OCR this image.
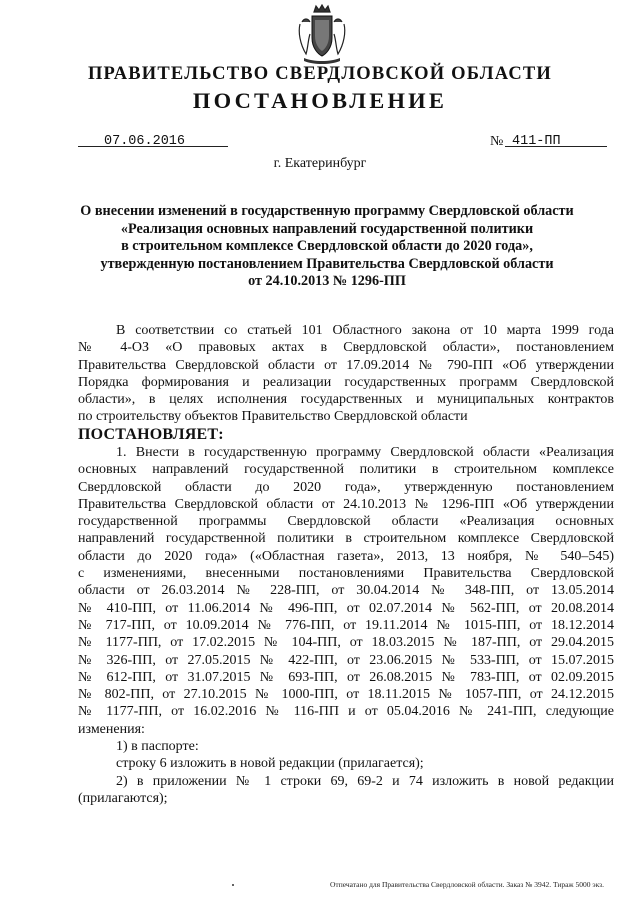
ПРАВИТЕЛЬСТВО СВЕРДЛОВСКОЙ ОБЛАСТИ
ПОСТАНОВЛЕНИЕ
07.06.2016	№ 411-ПП
г. Екатеринбург
О внесении изменений в государственную программу Свердловской области
«Реализация основных направлений государственной политики
в строительном комплексе Свердловской области до 2020 года»,
утвержденную постановлением Правительства Свердловской области
от 24.10.2013 № 1296-ПП
В соответствии со статьей 101 Областного закона от 10 марта 1999 года
№ 4-ОЗ «О правовых актах в Свердловской области», постановлением
Правительства Свердловской области от 17.09.2014 № 790-ПП «Об утверждении
Порядка формирования и реализации государственных программ Свердловской
области», в целях исполнения государственных и муниципальных контрактов
по строительству объектов Правительство Свердловской области
ПОСТАНОВЛЯЕТ:
1. Внести в государственную программу Свердловской области «Реализация
основных направлений государственной политики в строительном комплексе
Свердловской области до 2020 года», утвержденную постановлением
Правительства Свердловской области от 24.10.2013 № 1296-ПП «Об утверждении
государственной программы Свердловской области «Реализация основных
направлений государственной политики в строительном комплексе Свердловской
области до 2020 года» («Областная газета», 2013, 13 ноября, № 540–545)
с изменениями, внесенными постановлениями Правительства Свердловской
области от 26.03.2014 № 228-ПП, от 30.04.2014 № 348-ПП, от 13.05.2014
№ 410-ПП, от 11.06.2014 № 496-ПП, от 02.07.2014 № 562-ПП, от 20.08.2014
№ 717-ПП, от 10.09.2014 № 776-ПП, от 19.11.2014 № 1015-ПП, от 18.12.2014
№ 1177-ПП, от 17.02.2015 № 104-ПП, от 18.03.2015 № 187-ПП, от 29.04.2015
№ 326-ПП, от 27.05.2015 № 422-ПП, от 23.06.2015 № 533-ПП, от 15.07.2015
№ 612-ПП, от 31.07.2015 № 693-ПП, от 26.08.2015 № 783-ПП, от 02.09.2015
№ 802-ПП, от 27.10.2015 № 1000-ПП, от 18.11.2015 № 1057-ПП, от 24.12.2015
№ 1177-ПП, от 16.02.2016 № 116-ПП и от 05.04.2016 № 241-ПП, следующие
изменения:
1) в паспорте:
строку 6 изложить в новой редакции (прилагается);
2) в приложении № 1 строки 69, 69-2 и 74 изложить в новой редакции
(прилагаются);
Отпечатано для Правительства Свердловской области. Заказ № 3942. Тираж 5000 экз.
